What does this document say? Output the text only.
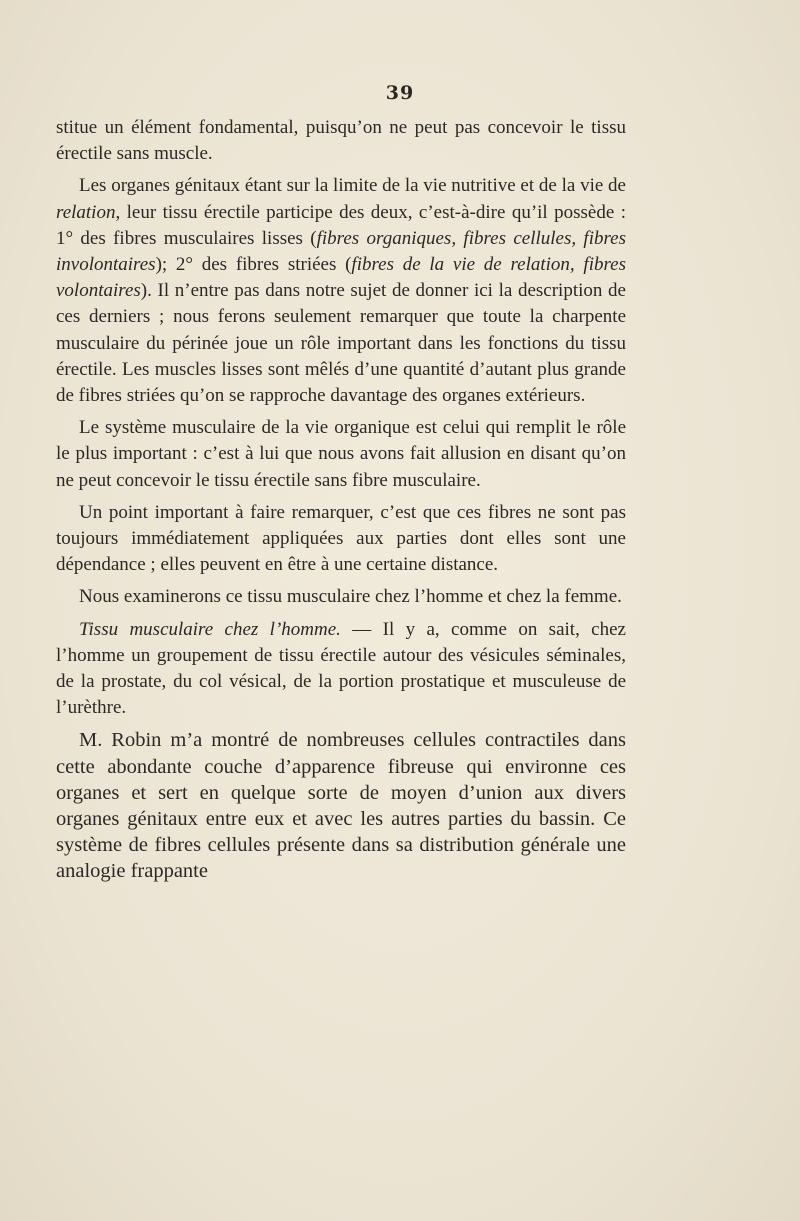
39

stitue un élément fondamental, puisqu’on ne peut pas concevoir le tissu érectile sans muscle.

Les organes génitaux étant sur la limite de la vie nutritive et de la vie de relation, leur tissu érectile participe des deux, c’est-à-dire qu’il possède : 1° des fibres musculaires lisses (fibres organiques, fibres cellules, fibres involontaires); 2° des fibres striées (fibres de la vie de relation, fibres volontaires). Il n’entre pas dans notre sujet de donner ici la description de ces derniers ; nous ferons seulement remarquer que toute la charpente musculaire du périnée joue un rôle important dans les fonctions du tissu érectile. Les muscles lisses sont mêlés d’une quantité d’autant plus grande de fibres striées qu’on se rapproche davantage des organes extérieurs.

Le système musculaire de la vie organique est celui qui remplit le rôle le plus important : c’est à lui que nous avons fait allusion en disant qu’on ne peut concevoir le tissu érectile sans fibre musculaire.

Un point important à faire remarquer, c’est que ces fibres ne sont pas toujours immédiatement appliquées aux parties dont elles sont une dépendance ; elles peuvent en être à une certaine distance.

Nous examinerons ce tissu musculaire chez l’homme et chez la femme.

Tissu musculaire chez l’homme. — Il y a, comme on sait, chez l’homme un groupement de tissu érectile autour des vésicules séminales, de la prostate, du col vésical, de la portion prostatique et musculeuse de l’urèthre.

M. Robin m’a montré de nombreuses cellules contractiles dans cette abondante couche d’apparence fibreuse qui environne ces organes et sert en quelque sorte de moyen d’union aux divers organes génitaux entre eux et avec les autres parties du bassin. Ce système de fibres cellules présente dans sa distribution générale une analogie frappante
